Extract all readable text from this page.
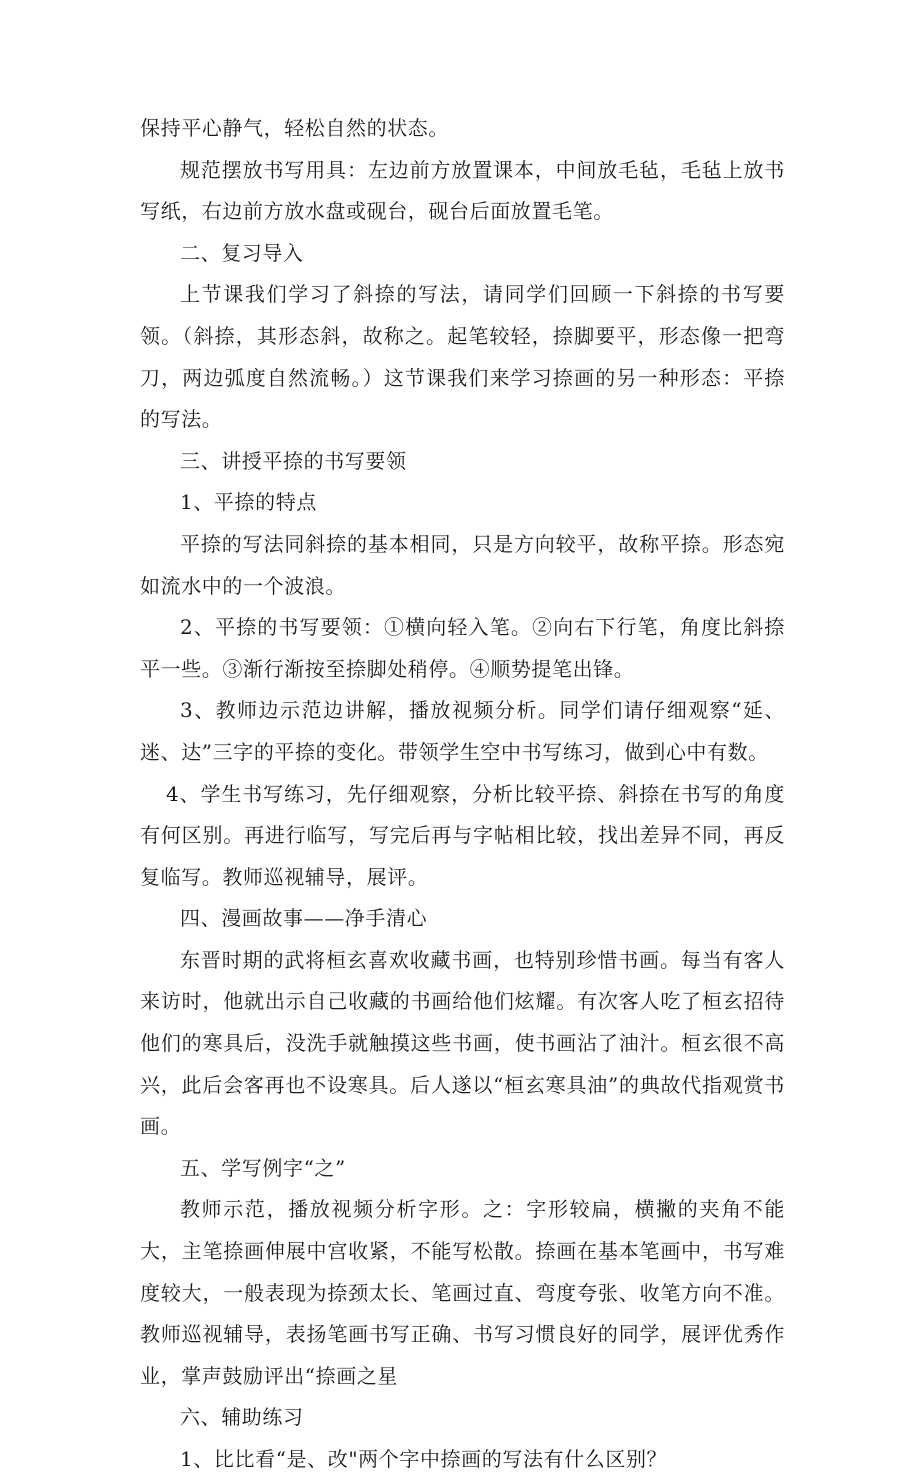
保持平心静气，轻松自然的状态。

规范摆放书写用具：左边前方放置课本，中间放毛毡，毛毡上放书写纸，右边前方放水盘或砚台，砚台后面放置毛笔。

二、复习导入

上节课我们学习了斜捺的写法，请同学们回顾一下斜捺的书写要领。（斜捺，其形态斜，故称之。起笔较轻，捺脚要平，形态像一把弯刀，两边弧度自然流畅。）这节课我们来学习捺画的另一种形态：平捺的写法。

三、讲授平捺的书写要领

1、平捺的特点

平捺的写法同斜捺的基本相同，只是方向较平，故称平捺。形态宛如流水中的一个波浪。

2、平捺的书写要领：①横向轻入笔。②向右下行笔，角度比斜捺平一些。③渐行渐按至捺脚处稍停。④顺势提笔出锋。

3、教师边示范边讲解，播放视频分析。同学们请仔细观察“延、迷、达”三字的平捺的变化。带领学生空中书写练习，做到心中有数。

4、学生书写练习，先仔细观察，分析比较平捺、斜捺在书写的角度有何区别。再进行临写，写完后再与字帖相比较，找出差异不同，再反复临写。教师巡视辅导，展评。

四、漫画故事——净手清心

东晋时期的武将桓玄喜欢收藏书画，也特别珍惜书画。每当有客人来访时，他就出示自己收藏的书画给他们炫耀。有次客人吃了桓玄招待他们的寒具后，没洗手就触摸这些书画，使书画沾了油汁。桓玄很不高兴，此后会客再也不设寒具。后人遂以“桓玄寒具油”的典故代指观赏书画。

五、学写例字“之”

教师示范，播放视频分析字形。之：字形较扁，横撇的夹角不能大，主笔捺画伸展中宫收紧，不能写松散。捺画在基本笔画中，书写难度较大，一般表现为捺颈太长、笔画过直、弯度夸张、收笔方向不准。教师巡视辅导，表扬笔画书写正确、书写习惯良好的同学，展评优秀作业，掌声鼓励评出“捺画之星

六、辅助练习

1、比比看“是、改"两个字中捺画的写法有什么区别？
